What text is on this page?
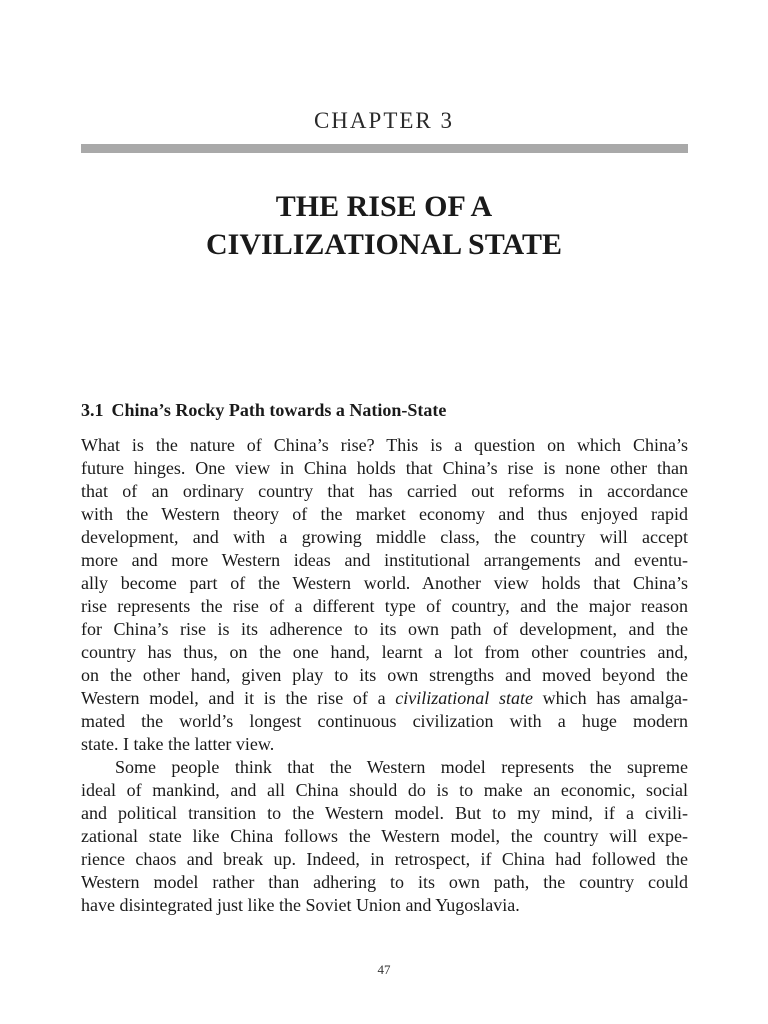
CHAPTER 3
THE RISE OF A
CIVILIZATIONAL STATE
3.1 China’s Rocky Path towards a Nation-State
What is the nature of China’s rise? This is a question on which China’s
future hinges. One view in China holds that China’s rise is none other than
that of an ordinary country that has carried out reforms in accordance
with the Western theory of the market economy and thus enjoyed rapid
development, and with a growing middle class, the country will accept
more and more Western ideas and institutional arrangements and eventu-
ally become part of the Western world. Another view holds that China’s
rise represents the rise of a different type of country, and the major reason
for China’s rise is its adherence to its own path of development, and the
country has thus, on the one hand, learnt a lot from other countries and,
on the other hand, given play to its own strengths and moved beyond the
Western model, and it is the rise of a civilizational state which has amalga-
mated the world’s longest continuous civilization with a huge modern
state. I take the latter view.
Some people think that the Western model represents the supreme
ideal of mankind, and all China should do is to make an economic, social
and political transition to the Western model. But to my mind, if a civili-
zational state like China follows the Western model, the country will expe-
rience chaos and break up. Indeed, in retrospect, if China had followed the
Western model rather than adhering to its own path, the country could
have disintegrated just like the Soviet Union and Yugoslavia.
47
